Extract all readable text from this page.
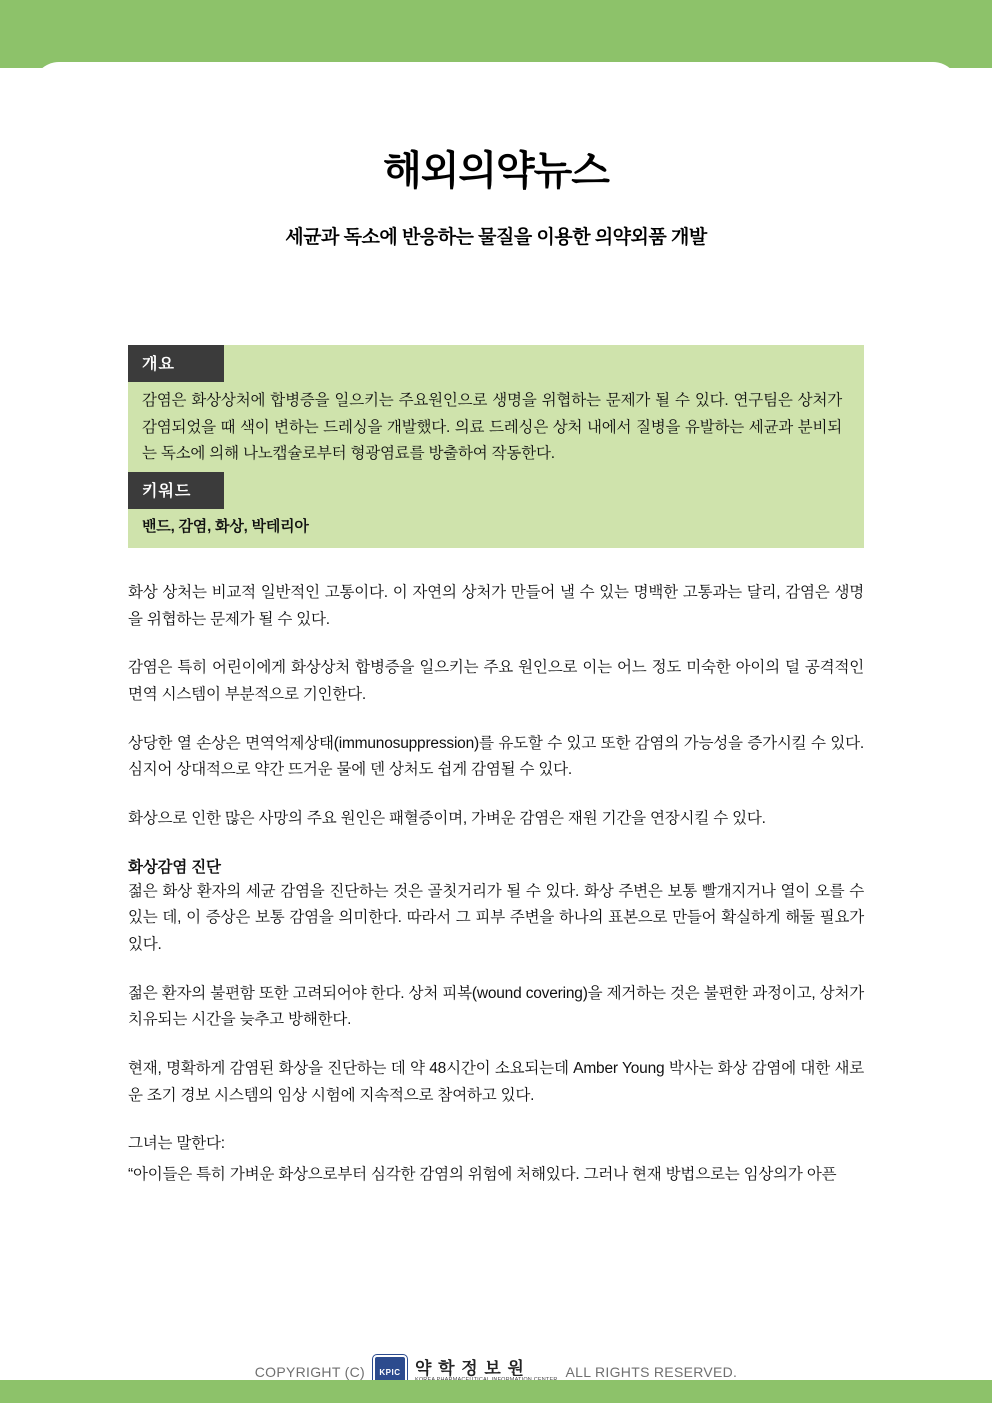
해외의약뉴스
세균과 독소에 반응하는 물질을 이용한 의약외품 개발
개요
감염은 화상상처에 합병증을 일으키는 주요원인으로 생명을 위협하는 문제가 될 수 있다. 연구팀은 상처가 감염되었을 때 색이 변하는 드레싱을 개발했다. 의료 드레싱은 상처 내에서 질병을 유발하는 세균과 분비되는 독소에 의해 나노캡슐로부터 형광염료를 방출하여 작동한다.
키워드
밴드, 감염, 화상, 박테리아

화상 상처는 비교적 일반적인 고통이다. 이 자연의 상처가 만들어 낼 수 있는 명백한 고통과는 달리, 감염은 생명을 위협하는 문제가 될 수 있다.

감염은 특히 어린이에게 화상상처 합병증을 일으키는 주요 원인으로 이는 어느 정도 미숙한 아이의 덜 공격적인 면역 시스템이 부분적으로 기인한다.

상당한 열 손상은 면역억제상태(immunosuppression)를 유도할 수 있고 또한 감염의 가능성을 증가시킬 수 있다. 심지어 상대적으로 약간 뜨거운 물에 덴 상처도 쉽게 감염될 수 있다.

화상으로 인한 많은 사망의 주요 원인은 패혈증이며, 가벼운 감염은 재원 기간을 연장시킬 수 있다.

화상감염 진단

젊은 화상 환자의 세균 감염을 진단하는 것은 골칫거리가 될 수 있다. 화상 주변은 보통 빨개지거나 열이 오를 수 있는 데, 이 증상은 보통 감염을 의미한다. 따라서 그 피부 주변을 하나의 표본으로 만들어 확실하게 해둘 필요가 있다.

젊은 환자의 불편함 또한 고려되어야 한다. 상처 피복(wound covering)을 제거하는 것은 불편한 과정이고, 상처가 치유되는 시간을 늦추고 방해한다.

현재, 명확하게 감염된 화상을 진단하는 데 약 48시간이 소요되는데 Amber Young 박사는 화상 감염에 대한 새로운 조기 경보 시스템의 임상 시험에 지속적으로 참여하고 있다.

그녀는 말한다:

“아이들은 특히 가벼운 화상으로부터 심각한 감염의 위험에 처해있다. 그러나 현재 방법으로는 임상의가 아픈

COPYRIGHT (C)	KPIC 약 학 정 보 원	ALL RIGHTS RESERVED.
